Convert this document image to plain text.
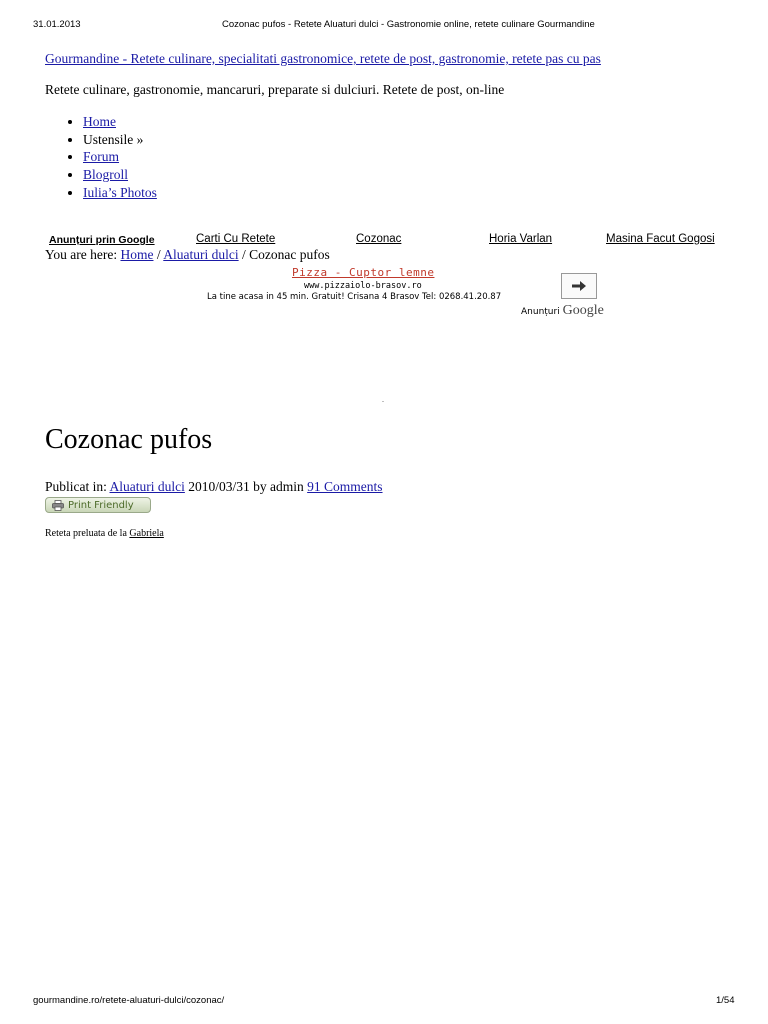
31.01.2013	Cozonac pufos - Retete Aluaturi dulci - Gastronomie online, retete culinare Gourmandine
Gourmandine - Retete culinare, specialitati gastronomice, retete de post, gastronomie, retete pas cu pas
Retete culinare, gastronomie, mancaruri, preparate si dulciuri. Retete de post, on-line
• Home
• Ustensile »
• Forum
• Blogroll
• Iulia’s Photos
Anunțuri prin Google	Carti Cu Retete	Cozonac	Horia Varlan	Masina Facut Gogosi
You are here: Home / Aluaturi dulci / Cozonac pufos
Pizza - Cuptor lemne
www.pizzaiolo-brasov.ro
La tine acasa in 45 min. Gratuit! Crisana 4 Brasov Tel: 0268.41.20.87
Anunțuri Google
.
Cozonac pufos
Publicat in: Aluaturi dulci 2010/03/31 by admin 91 Comments
Print Friendly
Reteta preluata de la Gabriela
gourmandine.ro/retete-aluaturi-dulci/cozonac/	1/54
